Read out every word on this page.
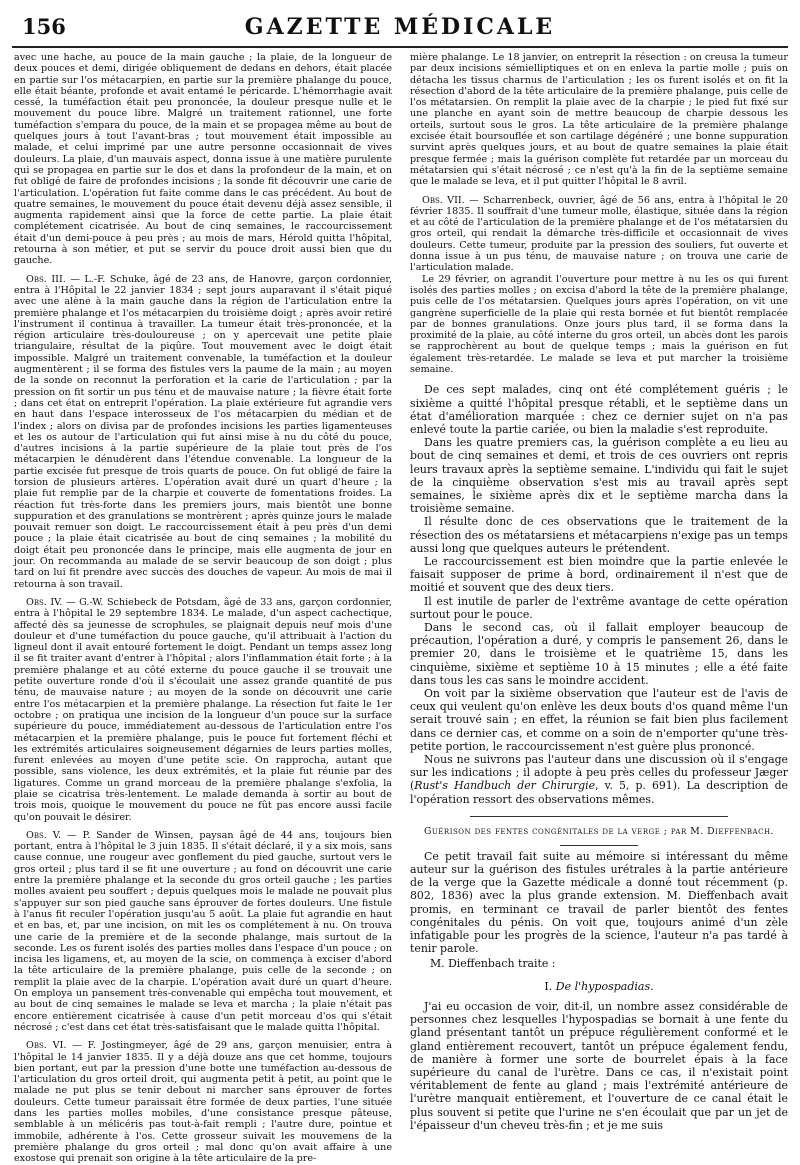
156	GAZETTE MÉDICALE

avec une hache, au pouce de la main gauche ; la plaie, de la longueur de deux pouces et demi, dirigée obliquement de dedans en dehors, était placée en partie sur l'os métacarpien, en partie sur la première phalange du pouce, elle était béante, profonde et avait entamé le péricarde. L'hémorrhagie avait cessé, la tuméfaction était peu prononcée, la douleur presque nulle et le mouvement du pouce libre. Malgré un traitement rationnel, une forte tuméfaction s'empara du pouce, de la main et se propagea même au bout de quelques jours à tout l'avant-bras ; tout mouvement était impossible au malade, et celui imprimé par une autre personne occasionnait de vives douleurs. La plaie, d'un mauvais aspect, donna issue à une matière purulente qui se propagea en partie sur le dos et dans la profondeur de la main, et on fut obligé de faire de profondes incisions ; la sonde fit découvrir une carie de l'articulation. L'opération fut faite comme dans le cas précédent. Au bout de quatre semaines, le mouvement du pouce était devenu déjà assez sensible, il augmenta rapidement ainsi que la force de cette partie. La plaie était complétement cicatrisée. Au bout de cinq semaines, le raccourcissement était d'un demi-pouce à peu près ; au mois de mars, Hérold quitta l'hôpital, retourna à son métier, et put se servir du pouce droit aussi bien que du gauche.

Obs. III. — L.-F. Schuke, âgé de 23 ans, de Hanovre, garçon cordonnier, entra à l'Hôpital le 22 janvier 1834 ; sept jours auparavant il s'était piqué avec une alène à la main gauche dans la région de l'articulation entre la première phalange et l'os métacarpien du troisième doigt ; après avoir retiré l'instrument il continua à travailler. La tumeur était très-prononcée, et la région articulaire très-douloureuse ; on y apercevait une petite plaie triangulaire, résultat de la piqûre. Tout mouvement avec le doigt était impossible. Malgré un traitement convenable, la tuméfaction et la douleur augmentèrent ; il se forma des fistules vers la paume de la main ; au moyen de la sonde on reconnut la perforation et la carie de l'articulation ; par la pression on fit sortir un pus ténu et de mauvaise nature ; la fièvre était forte ; dans cet état on entreprit l'opération. La plaie extérieure fut agrandie vers en haut dans l'espace interosseux de l'os métacarpien du médian et de l'index ; alors on divisa par de profondes incisions les parties ligamenteuses et les os autour de l'articulation qui fut ainsi mise à nu du côté du pouce, d'autres incisions à la partie supérieure de la plaie tout près de l'os métacarpien le dénudèrent dans l'étendue convenable. La longueur de la partie excisée fut presque de trois quarts de pouce. On fut obligé de faire la torsion de plusieurs artères. L'opération avait duré un quart d'heure ; la plaie fut remplie par de la charpie et couverte de fomentations froides. La réaction fut très-forte dans les premiers jours, mais bientôt une bonne suppuration et des granulations se montrèrent ; après quinze jours le malade pouvait remuer son doigt. Le raccourcissement était à peu près d'un demi pouce ; la plaie était cicatrisée au bout de cinq semaines ; la mobilité du doigt était peu prononcée dans le principe, mais elle augmenta de jour en jour. On recommanda au malade de se servir beaucoup de son doigt ; plus tard on lui fit prendre avec succès des douches de vapeur. Au mois de mai il retourna à son travail.

Obs. IV. — G.-W. Schiebeck de Potsdam, âgé de 33 ans, garçon cordonnier, entra à l'hôpital le 29 septembre 1834. Le malade, d'un aspect cachectique, affecté dès sa jeunesse de scrophules, se plaignait depuis neuf mois d'une douleur et d'une tuméfaction du pouce gauche, qu'il attribuait à l'action du ligneul dont il avait entouré fortement le doigt. Pendant un temps assez long il se fit traiter avant d'entrer à l'hôpital ; alors l'inflammation était forte ; à la première phalange et au côté externe du pouce gauche il se trouvait une petite ouverture ronde d'où il s'écoulait une assez grande quantité de pus ténu, de mauvaise nature ; au moyen de la sonde on découvrit une carie entre l'os métacarpien et la première phalange. La résection fut faite le 1er octobre ; on pratiqua une incision de la longueur d'un pouce sur la surface supérieure du pouce, immédiatement au-dessous de l'articulation entre l'os métacarpien et la première phalange, puis le pouce fut fortement fléchi et les extrémités articulaires soigneusement dégarnies de leurs parties molles, furent enlevées au moyen d'une petite scie. On rapprocha, autant que possible, sans violence, les deux extrémités, et la plaie fut réunie par des ligatures. Comme un grand morceau de la première phalange s'exfolia, la plaie se cicatrisa très-lentement. Le malade demanda à sortir au bout de trois mois, quoique le mouvement du pouce ne fût pas encore aussi facile qu'on pouvait le désirer.

Obs. V. — P. Sander de Winsen, paysan âgé de 44 ans, toujours bien portant, entra à l'hôpital le 3 juin 1835. Il s'était déclaré, il y a six mois, sans cause connue, une rougeur avec gonflement du pied gauche, surtout vers le gros orteil ; plus tard il se fit une ouverture ; au fond on découvrit une carie entre la première phalange et la seconde du gros orteil gauche ; les parties molles avaient peu souffert ; depuis quelques mois le malade ne pouvait plus s'appuyer sur son pied gauche sans éprouver de fortes douleurs. Une fistule à l'anus fit reculer l'opération jusqu'au 5 août. La plaie fut agrandie en haut et en bas, et, par une incision, on mit les os complétement à nu. On trouva une carie de la première et de la seconde phalange, mais surtout de la seconde. Les os furent isolés des parties molles dans l'espace d'un pouce ; on incisa les ligamens, et, au moyen de la scie, on commença à exciser d'abord la tête articulaire de la première phalange, puis celle de la seconde ; on remplit la plaie avec de la charpie. L'opération avait duré un quart d'heure. On employa un pansement très-convenable qui empêcha tout mouvement, et au bout de cinq semaines le malade se leva et marcha ; la plaie n'était pas encore entièrement cicatrisée à cause d'un petit morceau d'os qui s'était nécrosé ; c'est dans cet état très-satisfaisant que le malade quitta l'hôpital.

Obs. VI. — F. Jostingmeyer, âgé de 29 ans, garçon menuisier, entra à l'hôpital le 14 janvier 1835. Il y a déjà douze ans que cet homme, toujours bien portant, eut par la pression d'une botte une tuméfaction au-dessous de l'articulation du gros orteil droit, qui augmenta petit à petit, au point que le malade ne put plus se tenir debout ni marcher sans éprouver de fortes douleurs. Cette tumeur paraissait être formée de deux parties, l'une située dans les parties molles mobiles, d'une consistance presque pâteuse, semblable à un mélicéris pas tout-à-fait rempli ; l'autre dure, pointue et immobile, adhérente à l'os. Cette grosseur suivait les mouvemens de la première phalange du gros orteil ; mal donc qu'on avait affaire à une exostose qui prenait son origine à la tête articulaire de la pre-

mière phalange. Le 18 janvier, on entreprit la résection : on creusa la tumeur par deux incisions sémielliptiques et on en enleva la partie molle ; puis on détacha les tissus charnus de l'articulation ; les os furent isolés et on fit la résection d'abord de la tête articulaire de la première phalange, puis celle de l'os métatarsien. On remplit la plaie avec de la charpie ; le pied fut fixé sur une planche en ayant soin de mettre beaucoup de charpie dessous les orteils, surtout sous le gros. La tête articulaire de la première phalange excisée était boursouflée et son cartilage dégénéré ; une bonne suppuration survint après quelques jours, et au bout de quatre semaines la plaie était presque fermée ; mais la guérison complète fut retardée par un morceau du métatarsien qui s'était nécrosé ; ce n'est qu'à la fin de la septième semaine que le malade se leva, et il put quitter l'hôpital le 8 avril.

Obs. VII. — Scharrenbeck, ouvrier, âgé de 56 ans, entra à l'hôpital le 20 février 1835. Il souffrait d'une tumeur molle, élastique, située dans la région et au côté de l'articulation de la première phalange et de l'os métatarsien du gros orteil, qui rendait la démarche très-difficile et occasionnait de vives douleurs. Cette tumeur, produite par la pression des souliers, fut ouverte et donna issue à un pus ténu, de mauvaise nature ; on trouva une carie de l'articulation malade.

Le 29 février, on agrandit l'ouverture pour mettre à nu les os qui furent isolés des parties molles ; on excisa d'abord la tête de la première phalange, puis celle de l'os métatarsien. Quelques jours après l'opération, on vit une gangrène superficielle de la plaie qui resta bornée et fut bientôt remplacée par de bonnes granulations. Onze jours plus tard, il se forma dans la proximité de la plaie, au côté interne du gros orteil, un abcès dont les parois se rapprochèrent au bout de quelque temps ; mais la guérison en fut également très-retardée. Le malade se leva et put marcher la troisième semaine.

De ces sept malades, cinq ont été complétement guéris ; le sixième a quitté l'hôpital presque rétabli, et le septième dans un état d'amélioration marquée : chez ce dernier sujet on n'a pas enlevé toute la partie cariée, ou bien la maladie s'est reproduite.

Dans les quatre premiers cas, la guérison complète a eu lieu au bout de cinq semaines et demi, et trois de ces ouvriers ont repris leurs travaux après la septième semaine. L'individu qui fait le sujet de la cinquième observation s'est mis au travail après sept semaines, le sixième après dix et le septième marcha dans la troisième semaine.

Il résulte donc de ces observations que le traitement de la résection des os métatarsiens et métacarpiens n'exige pas un temps aussi long que quelques auteurs le prétendent.

Le raccourcissement est bien moindre que la partie enlevée le faisait supposer de prime à bord, ordinairement il n'est que de moitié et souvent que des deux tiers.

Il est inutile de parler de l'extrême avantage de cette opération surtout pour le pouce.

Dans le second cas, où il fallait employer beaucoup de précaution, l'opération a duré, y compris le pansement 26, dans le premier 20, dans le troisième et le quatrième 15, dans les cinquième, sixième et septième 10 à 15 minutes ; elle a été faite dans tous les cas sans le moindre accident.

On voit par la sixième observation que l'auteur est de l'avis de ceux qui veulent qu'on enlève les deux bouts d'os quand même l'un serait trouvé sain ; en effet, la réunion se fait bien plus facilement dans ce dernier cas, et comme on a soin de n'emporter qu'une très-petite portion, le raccourcissement n'est guère plus prononcé.

Nous ne suivrons pas l'auteur dans une discussion où il s'engage sur les indications ; il adopte à peu près celles du professeur Jæger (Rust's Handbuch der Chirurgie, v. 5, p. 691). La description de l'opération ressort des observations mêmes.

Guérison des fentes congénitales de la verge ; par M. Dieffenbach.

Ce petit travail fait suite au mémoire si intéressant du même auteur sur la guérison des fistules urétrales à la partie antérieure de la verge que la Gazette médicale a donné tout récemment (p. 802, 1836) avec la plus grande extension. M. Dieffenbach avait promis, en terminant ce travail de parler bientôt des fentes congénitales du pénis. On voit que, toujours animé d'un zèle infatigable pour les progrès de la science, l'auteur n'a pas tardé à tenir parole.

M. Dieffenbach traite :

I. De l'hypospadias.

J'ai eu occasion de voir, dit-il, un nombre assez considérable de personnes chez lesquelles l'hypospadias se bornait à une fente du gland présentant tantôt un prépuce régulièrement conformé et le gland entièrement recouvert, tantôt un prépuce également fendu, de manière à former une sorte de bourrelet épais à la face supérieure du canal de l'urètre. Dans ce cas, il n'existait point véritablement de fente au gland ; mais l'extrémité antérieure de l'urètre manquait entièrement, et l'ouverture de ce canal était le plus souvent si petite que l'urine ne s'en écoulait que par un jet de l'épaisseur d'un cheveu très-fin ; et je me suis
